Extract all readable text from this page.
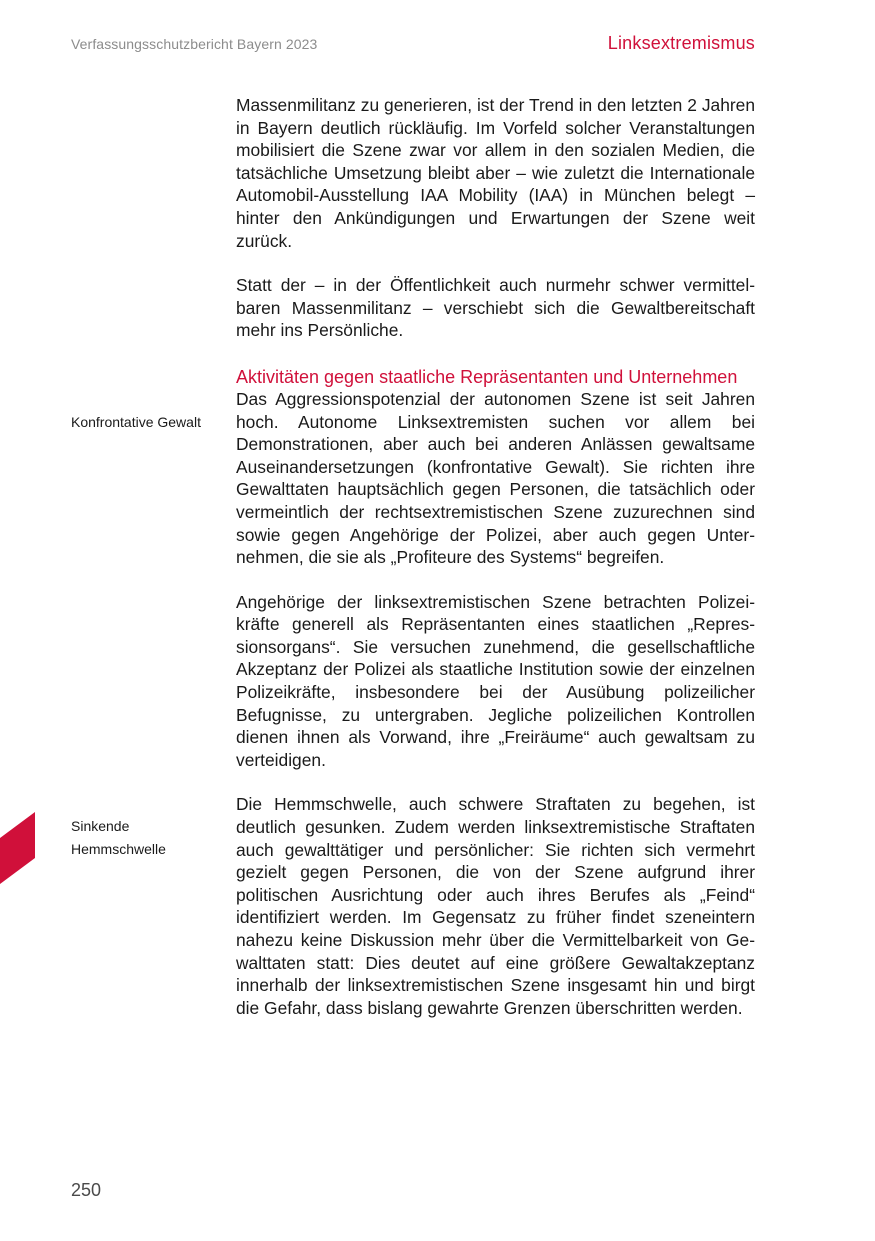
Verfassungsschutzbericht Bayern 2023	Linksextremismus
Konfrontative Gewalt
Sinkende
Hemmschwelle

Massenmilitanz zu generieren, ist der Trend in den letzten 2 Jahren in Bayern deutlich rückläufig. Im Vorfeld solcher Veranstaltungen mobilisiert die Szene zwar vor allem in den sozialen Medien, die tatsächliche Umsetzung bleibt aber – wie zuletzt die Internationale Automobil-Ausstellung IAA Mobility (IAA) in München belegt – hinter den Ankündigungen und Erwartungen der Szene weit zurück.

Statt der – in der Öffentlichkeit auch nurmehr schwer vermittelbaren Massenmilitanz – verschiebt sich die Gewaltbereitschaft mehr ins Persönliche.

Aktivitäten gegen staatliche Repräsentanten und Unternehmen

Das Aggressionspotenzial der autonomen Szene ist seit Jahren hoch. Autonome Linksextremisten suchen vor allem bei Demonstrationen, aber auch bei anderen Anlässen gewaltsame Auseinandersetzungen (konfrontative Gewalt). Sie richten ihre Gewalttaten hauptsächlich gegen Personen, die tatsächlich oder vermeintlich der rechtsextremistischen Szene zuzurechnen sind sowie gegen Angehörige der Polizei, aber auch gegen Unternehmen, die sie als „Profiteure des Systems“ begreifen.

Angehörige der linksextremistischen Szene betrachten Polizeikräfte generell als Repräsentanten eines staatlichen „Repressionsorgans“. Sie versuchen zunehmend, die gesellschaftliche Akzeptanz der Polizei als staatliche Institution sowie der einzelnen Polizeikräfte, insbesondere bei der Ausübung polizeilicher Befugnisse, zu untergraben. Jegliche polizeilichen Kontrollen dienen ihnen als Vorwand, ihre „Freiräume“ auch gewaltsam zu verteidigen.

Die Hemmschwelle, auch schwere Straftaten zu begehen, ist deutlich gesunken. Zudem werden linksextremistische Straftaten auch gewalttätiger und persönlicher: Sie richten sich vermehrt gezielt gegen Personen, die von der Szene aufgrund ihrer politischen Ausrichtung oder auch ihres Berufes als „Feind“ identifiziert werden. Im Gegensatz zu früher findet szeneintern nahezu keine Diskussion mehr über die Vermittelbarkeit von Gewalttaten statt: Dies deutet auf eine größere Gewaltakzeptanz innerhalb der linksextremistischen Szene insgesamt hin und birgt die Gefahr, dass bislang gewahrte Grenzen überschritten werden.

250
